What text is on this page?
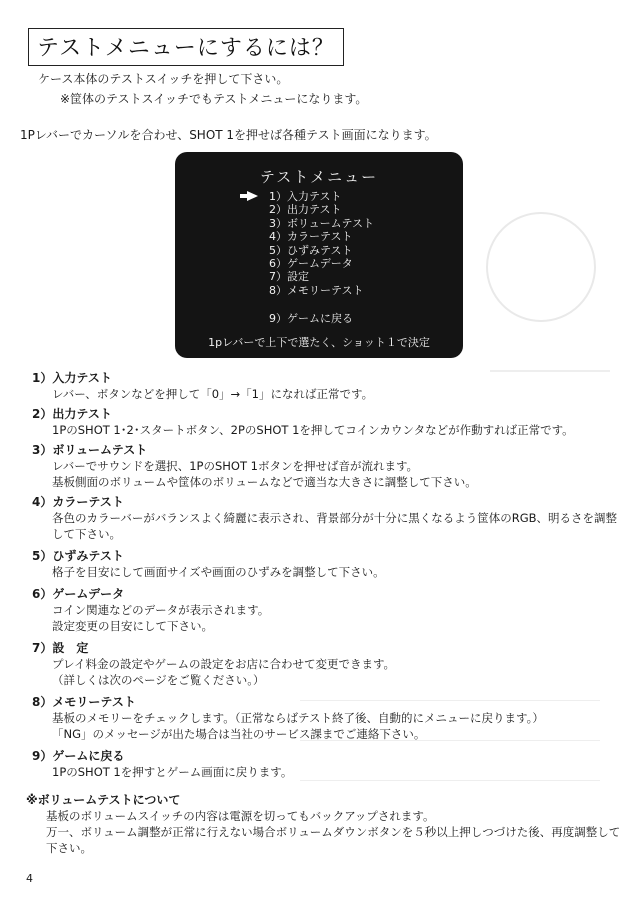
テストメニューにするには？
ケース本体のテストスイッチを押して下さい。
※筐体のテストスイッチでもテストメニューになります。
1Pレバーでカーソルを合わせ、SHOT 1を押せば各種テスト画面になります。
テストメニュー
1）入力テスト
2）出力テスト
3）ボリュームテスト
4）カラーテスト
5）ひずみテスト
6）ゲームデータ
7）設定
8）メモリーテスト
9）ゲームに戻る
1pレバーで上下で選たく、ショット１で決定
1）入力テスト
レバー、ボタンなどを押して「0」→「1」になれば正常です。
2）出力テスト
1PのSHOT 1･2･スタートボタン、2PのSHOT 1を押してコインカウンタなどが作動すれば正常です。
3）ボリュームテスト
レバーでサウンドを選択、1PのSHOT 1ボタンを押せば音が流れます。
基板側面のボリュームや筐体のボリュームなどで適当な大きさに調整して下さい。
4）カラーテスト
各色のカラーバーがバランスよく綺麗に表示され、背景部分が十分に黒くなるよう筐体のRGB、明るさを調整
して下さい。
5）ひずみテスト
格子を目安にして画面サイズや画面のひずみを調整して下さい。
6）ゲームデータ
コイン関連などのデータが表示されます。
設定変更の目安にして下さい。
7）設　定
プレイ料金の設定やゲームの設定をお店に合わせて変更できます。
（詳しくは次のページをご覧ください。）
8）メモリーテスト
基板のメモリーをチェックします。（正常ならばテスト終了後、自動的にメニューに戻ります。）
「NG」のメッセージが出た場合は当社のサービス課までご連絡下さい。
9）ゲームに戻る
1PのSHOT 1を押すとゲーム画面に戻ります。
※ボリュームテストについて
基板のボリュームスイッチの内容は電源を切ってもバックアップされます。
万一、ボリューム調整が正常に行えない場合ボリュームダウンボタンを５秒以上押しつづけた後、再度調整して
下さい。
4
